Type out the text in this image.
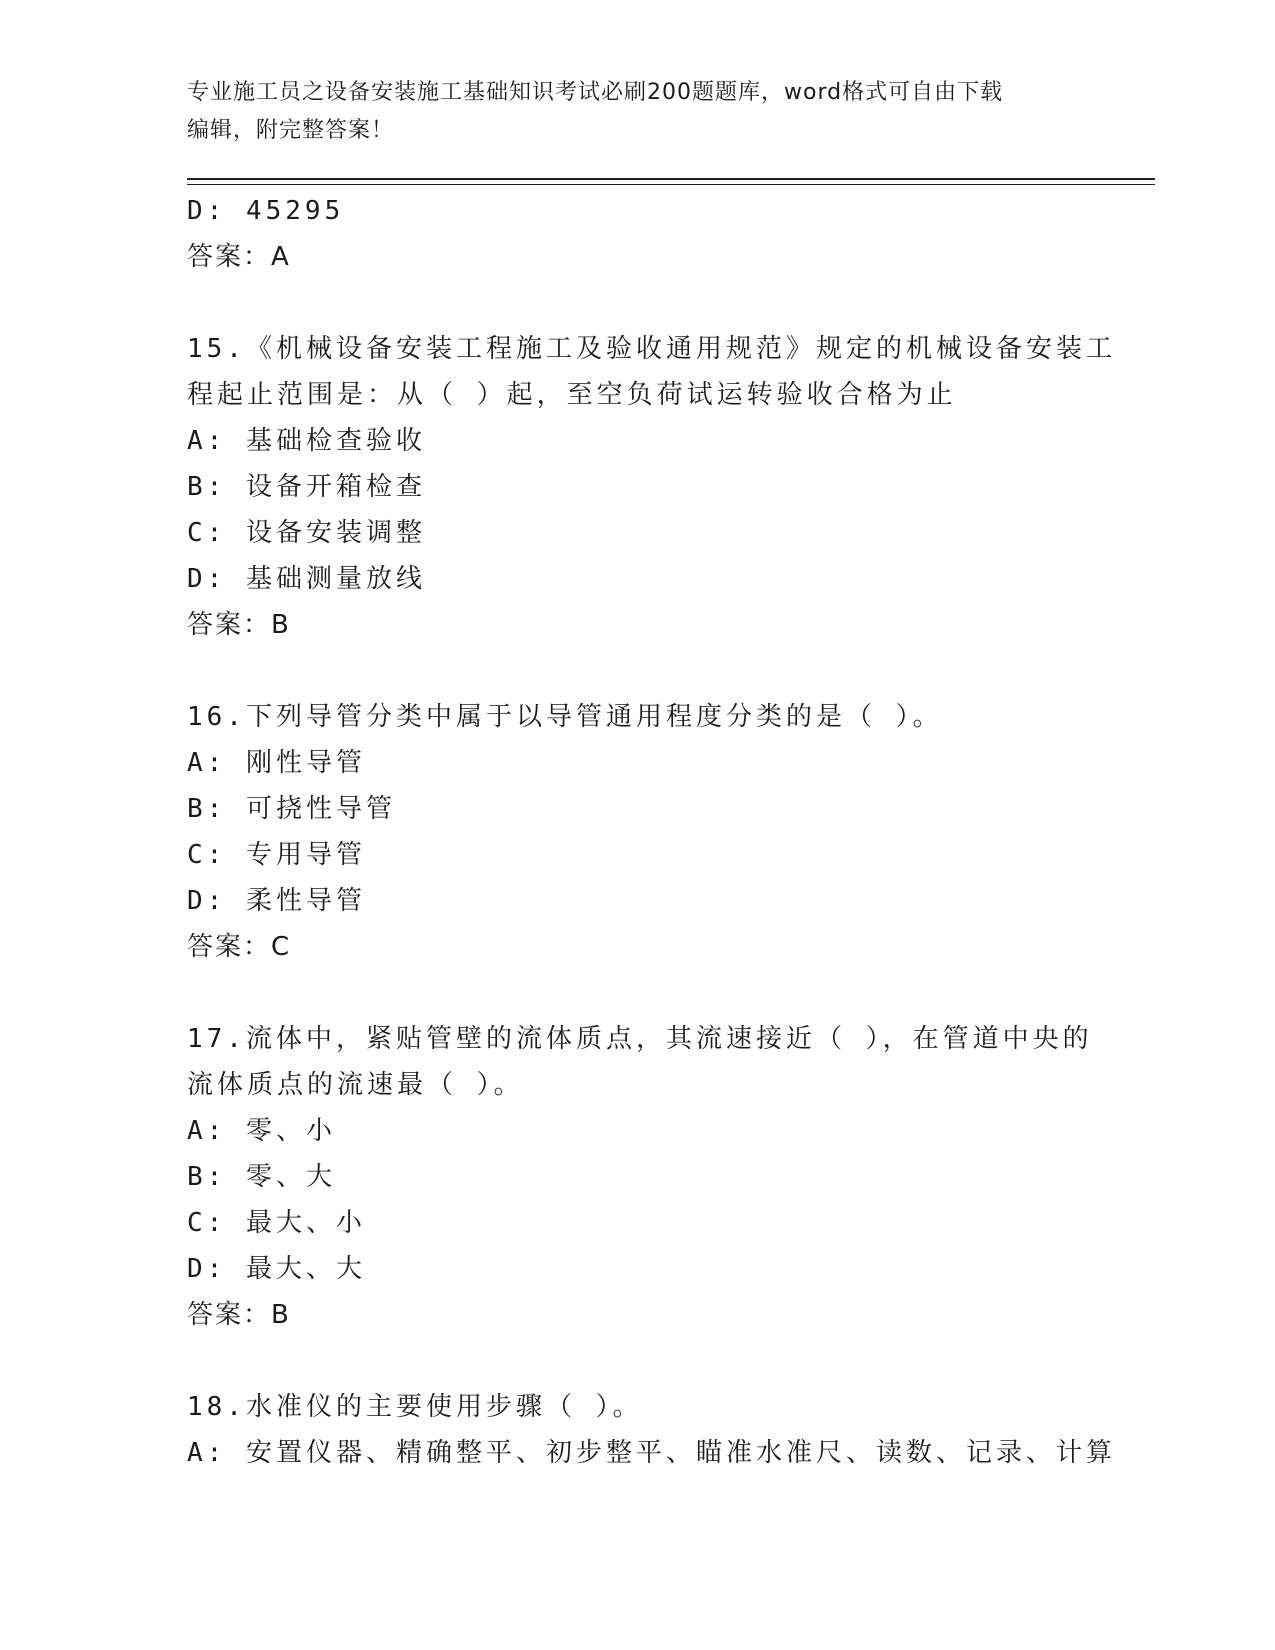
专业施工员之设备安装施工基础知识考试必刷200题题库，word格式可自由下载
编辑，附完整答案！
D: 45295
答案：A
15.《机械设备安装工程施工及验收通用规范》规定的机械设备安装工
程起止范围是：从（ ）起，至空负荷试运转验收合格为止
A: 基础检查验收
B: 设备开箱检查
C: 设备安装调整
D: 基础测量放线
答案：B
16.下列导管分类中属于以导管通用程度分类的是（ ）。
A: 刚性导管
B: 可挠性导管
C: 专用导管
D: 柔性导管
答案：C
17.流体中，紧贴管壁的流体质点，其流速接近（ ），在管道中央的
流体质点的流速最（ ）。
A: 零、小
B: 零、大
C: 最大、小
D: 最大、大
答案：B
18.水准仪的主要使用步骤（ ）。
A: 安置仪器、精确整平、初步整平、瞄准水准尺、读数、记录、计算
